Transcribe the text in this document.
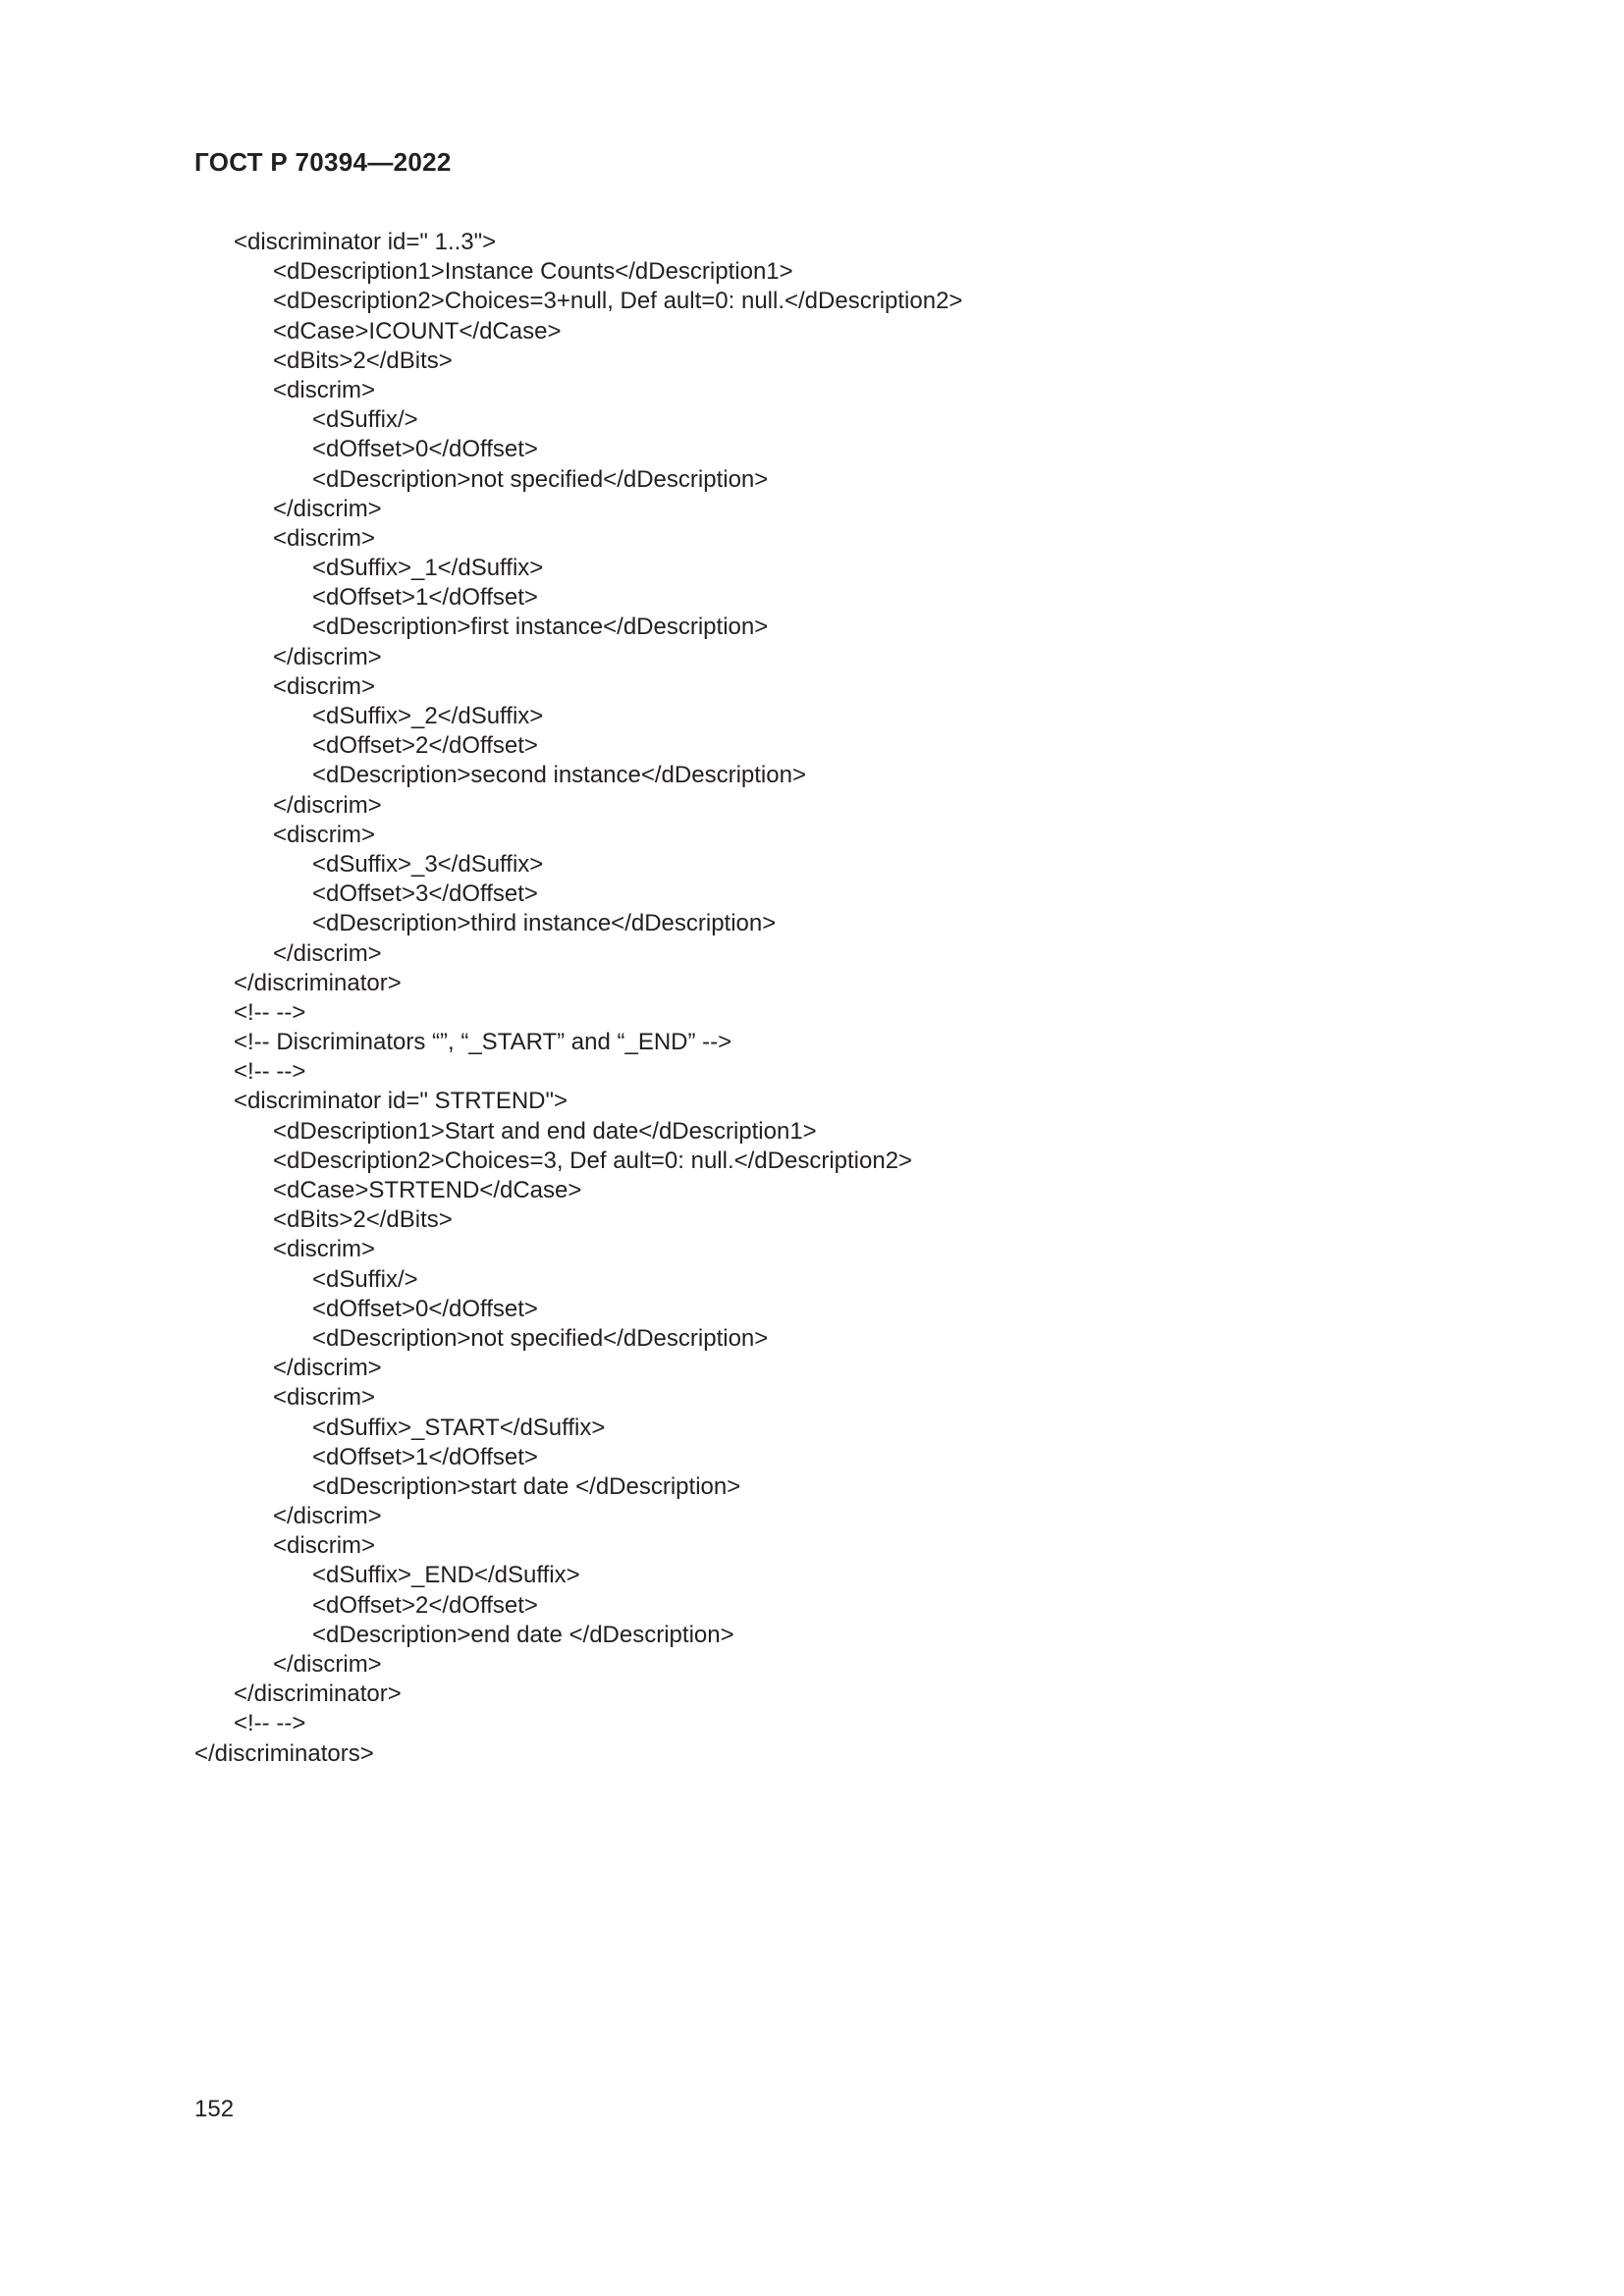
ГОСТ Р 70394—2022
<discriminator id=" 1..3">
<dDescription1>Instance Counts</dDescription1>
<dDescription2>Choices=3+null, Def ault=0: null.</dDescription2>
<dCase>ICOUNT</dCase>
<dBits>2</dBits>
<discrim>
<dSuffix/>
<dOffset>0</dOffset>
<dDescription>not specified</dDescription>
</discrim>
<discrim>
<dSuffix>_1</dSuffix>
<dOffset>1</dOffset>
<dDescription>first instance</dDescription>
</discrim>
<discrim>
<dSuffix>_2</dSuffix>
<dOffset>2</dOffset>
<dDescription>second instance</dDescription>
</discrim>
<discrim>
<dSuffix>_3</dSuffix>
<dOffset>3</dOffset>
<dDescription>third instance</dDescription>
</discrim>
</discriminator>
<!-- -->
<!-- Discriminators “”, “_START” and “_END” -->
<!-- -->
<discriminator id=" STRTEND">
<dDescription1>Start and end date</dDescription1>
<dDescription2>Choices=3, Def ault=0: null.</dDescription2>
<dCase>STRTEND</dCase>
<dBits>2</dBits>
<discrim>
<dSuffix/>
<dOffset>0</dOffset>
<dDescription>not specified</dDescription>
</discrim>
<discrim>
<dSuffix>_START</dSuffix>
<dOffset>1</dOffset>
<dDescription>start date </dDescription>
</discrim>
<discrim>
<dSuffix>_END</dSuffix>
<dOffset>2</dOffset>
<dDescription>end date </dDescription>
</discrim>
</discriminator>
<!-- -->
</discriminators>
152
